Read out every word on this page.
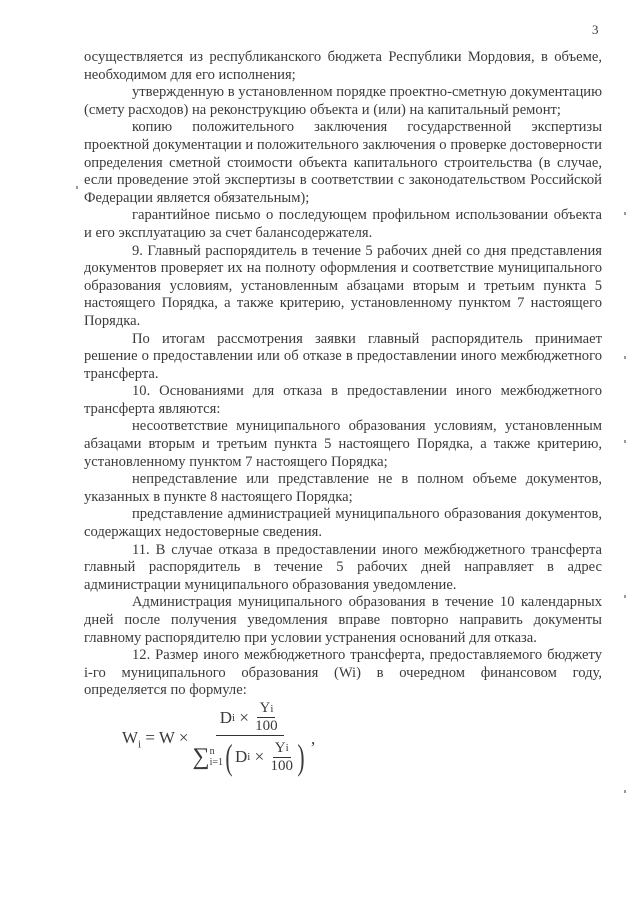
3

осуществляется из республиканского бюджета Республики Мордовия, в объеме, необходимом для его исполнения;

утвержденную в установленном порядке проектно-сметную документацию (смету расходов) на реконструкцию объекта и (или) на капитальный ремонт;

копию положительного заключения государственной экспертизы проектной документации и положительного заключения о проверке достоверности определения сметной стоимости объекта капитального строительства (в случае, если проведение этой экспертизы в соответствии с законодательством Российской Федерации является обязательным);

гарантийное письмо о последующем профильном использовании объекта и его эксплуатацию за счет балансодержателя.

9. Главный распорядитель в течение 5 рабочих дней со дня представления документов проверяет их на полноту оформления и соответствие муниципального образования условиям, установленным абзацами вторым и третьим пункта 5 настоящего Порядка, а также критерию, установленному пунктом 7 настоящего Порядка.

По итогам рассмотрения заявки главный распорядитель принимает решение о предоставлении или об отказе в предоставлении иного межбюджетного трансферта.

10. Основаниями для отказа в предоставлении иного межбюджетного трансферта являются:

несоответствие муниципального образования условиям, установленным абзацами вторым и третьим пункта 5 настоящего Порядка, а также критерию, установленному пунктом 7 настоящего Порядка;

непредставление или представление не в полном объеме документов, указанных в пункте 8 настоящего Порядка;

представление администрацией муниципального образования документов, содержащих недостоверные сведения.

11. В случае отказа в предоставлении иного межбюджетного трансферта главный распорядитель в течение 5 рабочих дней направляет в адрес администрации муниципального образования уведомление.

Администрация муниципального образования в течение 10 календарных дней после получения уведомления вправе повторно направить документы главному распорядителю при условии устранения оснований для отказа.

12. Размер иного межбюджетного трансферта, предоставляемого бюджету i-го муниципального образования (Wi) в очередном финансовом году, определяется по формуле:

$W_i = W \times D$ i
×
$\frac{\text{Y i}}{100}$
∑ n
i=1 ( D i
×
$\frac{\text{Y i}}{100}$ ) ,
